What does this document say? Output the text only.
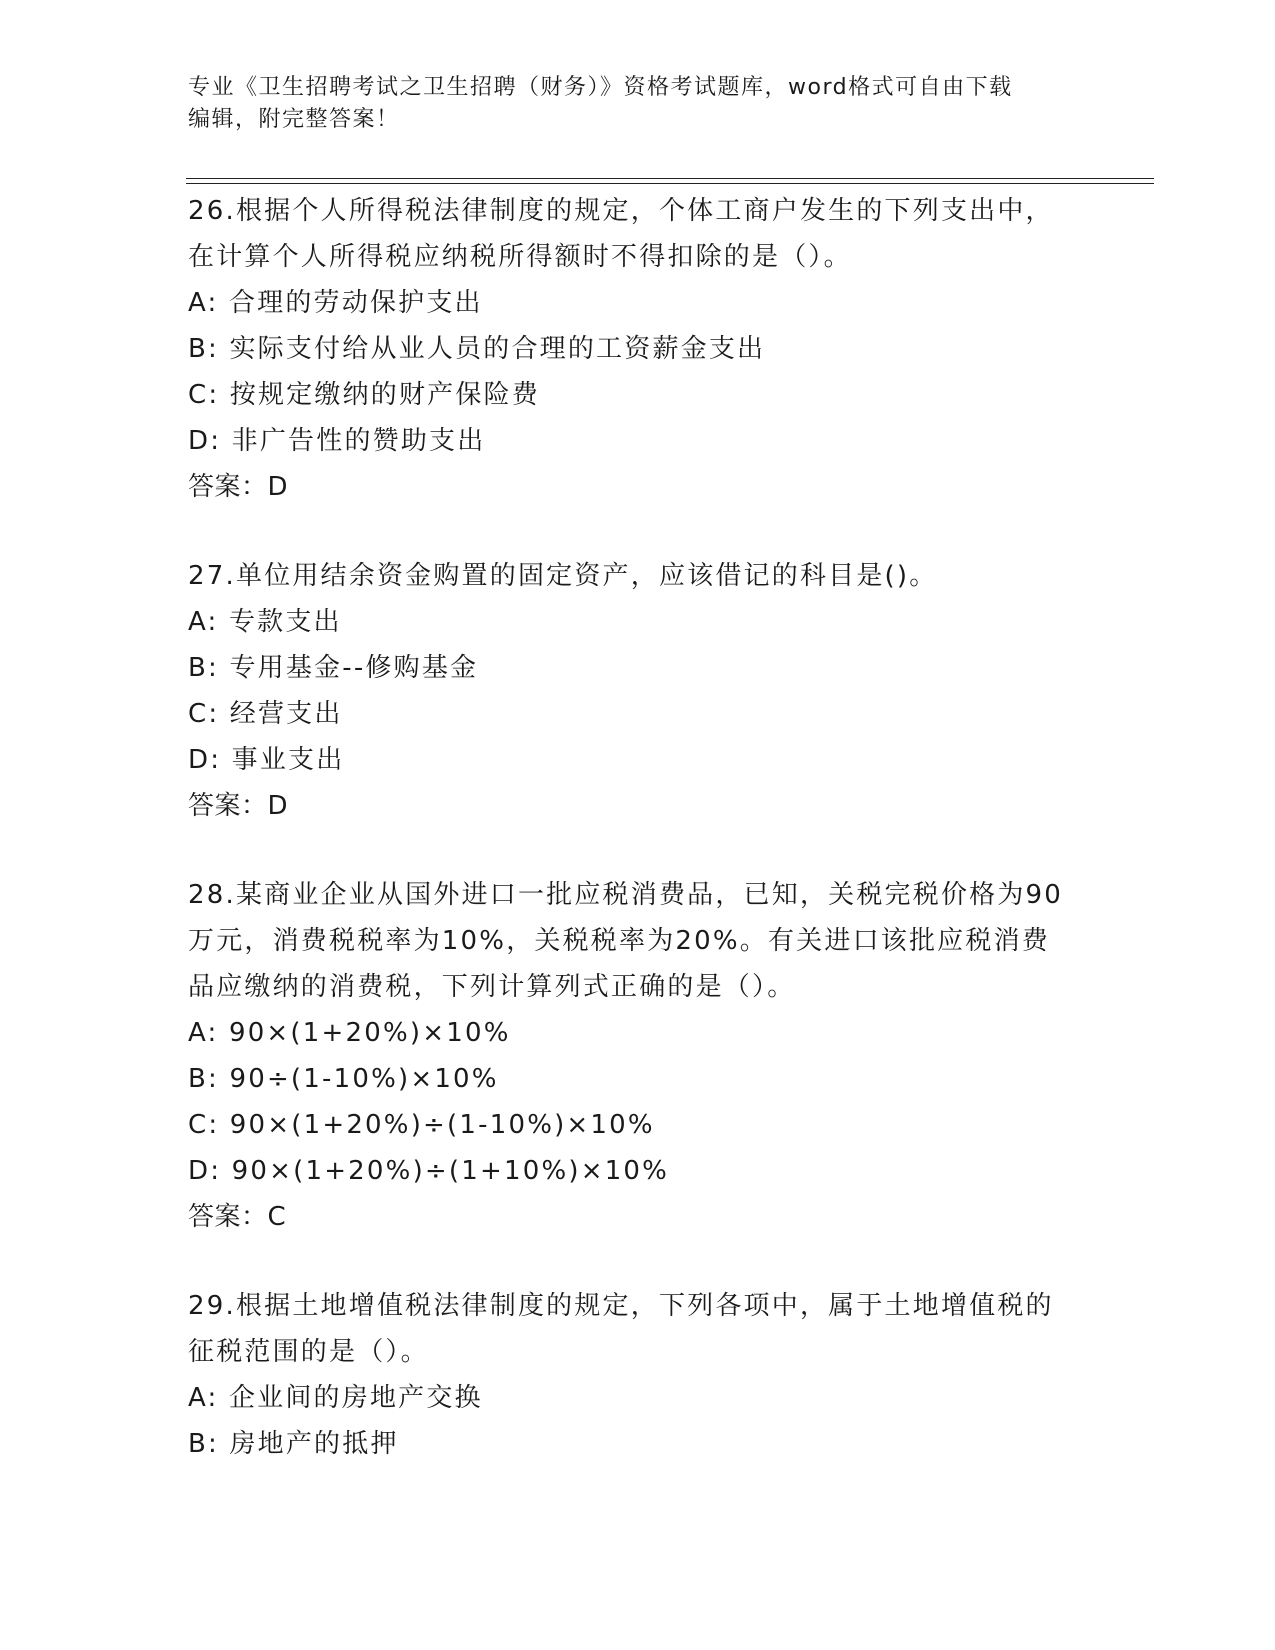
专业《卫生招聘考试之卫生招聘（财务）》资格考试题库，word格式可自由下载
编辑，附完整答案！

26.根据个人所得税法律制度的规定，个体工商户发生的下列支出中，

在计算个人所得税应纳税所得额时不得扣除的是（）。

A: 合理的劳动保护支出

B: 实际支付给从业人员的合理的工资薪金支出

C: 按规定缴纳的财产保险费

D: 非广告性的赞助支出

答案：D

27.单位用结余资金购置的固定资产，应该借记的科目是()。

A: 专款支出

B: 专用基金--修购基金

C: 经营支出

D: 事业支出

答案：D

28.某商业企业从国外进口一批应税消费品，已知，关税完税价格为90

万元，消费税税率为10%，关税税率为20%。有关进口该批应税消费

品应缴纳的消费税，下列计算列式正确的是（）。

A: 90×(1+20%)×10%

B: 90÷(1-10%)×10%

C: 90×(1+20%)÷(1-10%)×10%

D: 90×(1+20%)÷(1+10%)×10%

答案：C

29.根据土地增值税法律制度的规定，下列各项中，属于土地增值税的

征税范围的是（）。

A: 企业间的房地产交换

B: 房地产的抵押
